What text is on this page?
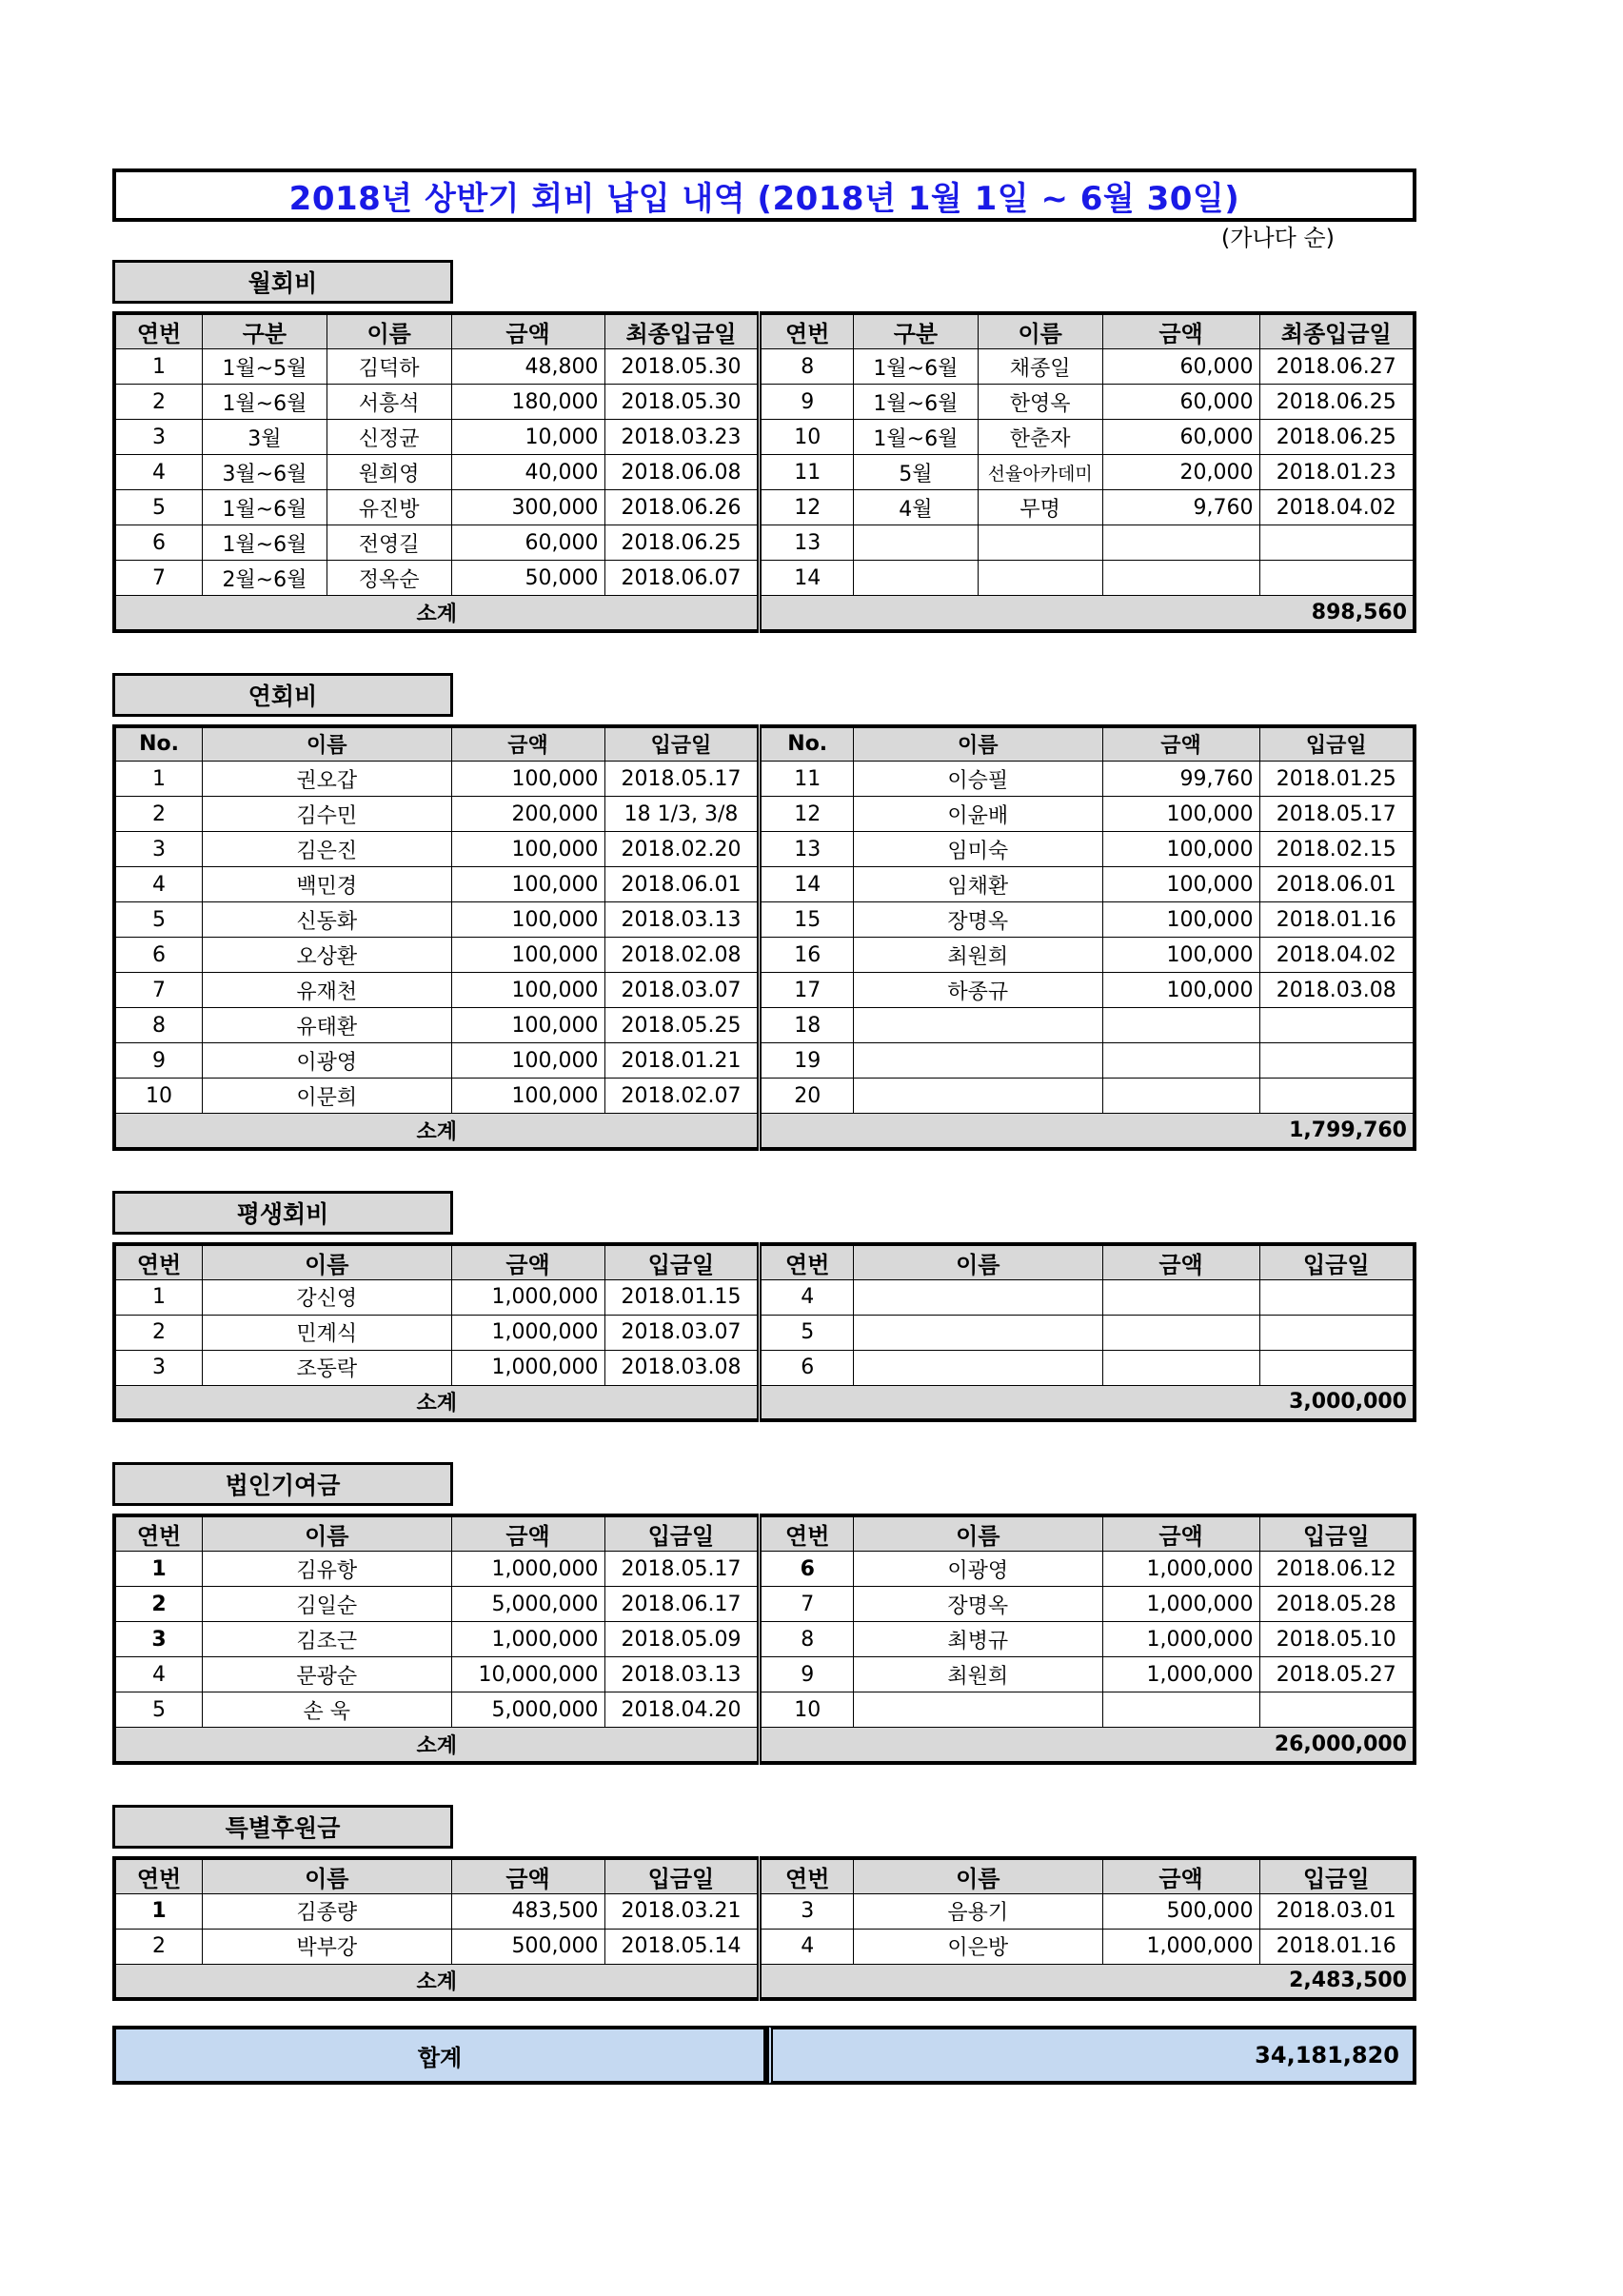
2018년 상반기 회비 납입 내역 (2018년 1월 1일 ~ 6월 30일)
(가나다 순)
월회비
연번	구분	이름	금액	최종입금일	연번	구분	이름	금액	최종입금일
1	1월~5월	김덕하	48,800	2018.05.30	8	1월~6월	채종일	60,000	2018.06.27
2	1월~6월	서흥석	180,000	2018.05.30	9	1월~6월	한영옥	60,000	2018.06.25
3	3월	신정균	10,000	2018.03.23	10	1월~6월	한춘자	60,000	2018.06.25
4	3월~6월	원희영	40,000	2018.06.08	11	5월	선율아카데미	20,000	2018.01.23
5	1월~6월	유진방	300,000	2018.06.26	12	4월	무명	9,760	2018.04.02
6	1월~6월	전영길	60,000	2018.06.25	13				
7	2월~6월	정옥순	50,000	2018.06.07	14				
소계					898,560				
연회비
No.	이름	금액	입금일	No.	이름	금액	입금일
1	권오갑	100,000	2018.05.17	11	이승필	99,760	2018.01.25
2	김수민	200,000	18 1/3, 3/8	12	이윤배	100,000	2018.05.17
3	김은진	100,000	2018.02.20	13	임미숙	100,000	2018.02.15
4	백민경	100,000	2018.06.01	14	임채환	100,000	2018.06.01
5	신동화	100,000	2018.03.13	15	장명옥	100,000	2018.01.16
6	오상환	100,000	2018.02.08	16	최원희	100,000	2018.04.02
7	유재천	100,000	2018.03.07	17	하종규	100,000	2018.03.08
8	유태환	100,000	2018.05.25	18			
9	이광영	100,000	2018.01.21	19			
10	이문희	100,000	2018.02.07	20			
소계				1,799,760			
평생회비
연번	이름	금액	입금일	연번	이름	금액	입금일
1	강신영	1,000,000	2018.01.15	4			
2	민계식	1,000,000	2018.03.07	5			
3	조동락	1,000,000	2018.03.08	6			
소계				3,000,000			
법인기여금
연번	이름	금액	입금일	연번	이름	금액	입금일
1	김유항	1,000,000	2018.05.17	6	이광영	1,000,000	2018.06.12
2	김일순	5,000,000	2018.06.17	7	장명옥	1,000,000	2018.05.28
3	김조근	1,000,000	2018.05.09	8	최병규	1,000,000	2018.05.10
4	문광순	10,000,000	2018.03.13	9	최원희	1,000,000	2018.05.27
5	손 욱	5,000,000	2018.04.20	10			
소계				26,000,000			
특별후원금
연번	이름	금액	입금일	연번	이름	금액	입금일
1	김종량	483,500	2018.03.21	3	음용기	500,000	2018.03.01
2	박부강	500,000	2018.05.14	4	이은방	1,000,000	2018.01.16
소계				2,483,500			
합계	34,181,820
